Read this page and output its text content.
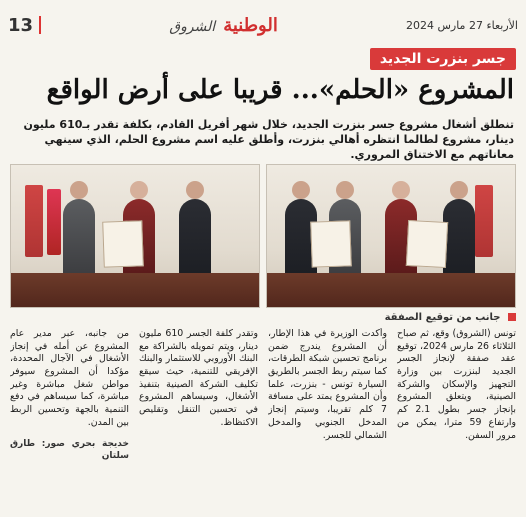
13	الوطنية
الشروق	الأربعاء 27 مارس 2024
جسر بنزرت الجديد
المشروع «الحلم»... قريبا على أرض الواقع
تنطلق أشغال مشروع جسر بنزرت الجديد، خلال شهر أفريل القادم، بكلفة تقدر بـ610 مليون دينار، مشروع لطالما انتظره أهالي بنزرت، وأطلق عليه اسم مشروع الحلم، الذي سينهي معاناتهم مع الاختناق المروري.
جانب من توقيع الصفقة

تونس (الشروق) وقع، ثم صباح الثلاثاء 26 مارس 2024، توقيع عقد صفقة لإنجاز الجسر الجديد لبنزرت بين وزارة التجهيز والإسكان والشركة الصينية، ويتعلق المشروع بإنجاز جسر بطول 2.1 كم وارتفاع 59 مترا، يمكن من مرور السفن.

وأكدت الوزيرة في هذا الإطار، أن المشروع يندرج ضمن برنامج تحسين شبكة الطرقات، كما سيتم ربط الجسر بالطريق السيارة تونس - بنزرت، علما وأن المشروع يمتد على مسافة 7 كلم تقريبا، وسيتم إنجاز المدخل الجنوبي والمدخل الشمالي للجسر.

وتقدر كلفة الجسر 610 مليون دينار، ويتم تمويله بالشراكة مع البنك الأوروبي للاستثمار والبنك الإفريقي للتنمية، حيث سيقع تكليف الشركة الصينية بتنفيذ الأشغال، وسيساهم المشروع في تحسين التنقل وتقليص الاكتظاظ.

من جانبه، عبر مدير عام المشروع عن أمله في إنجاز الأشغال في الآجال المحددة، مؤكدا أن المشروع سيوفر مواطن شغل مباشرة وغير مباشرة، كما سيساهم في دفع التنمية بالجهة وتحسين الربط بين المدن.

خديجة بحري صور: طارق سلتان
